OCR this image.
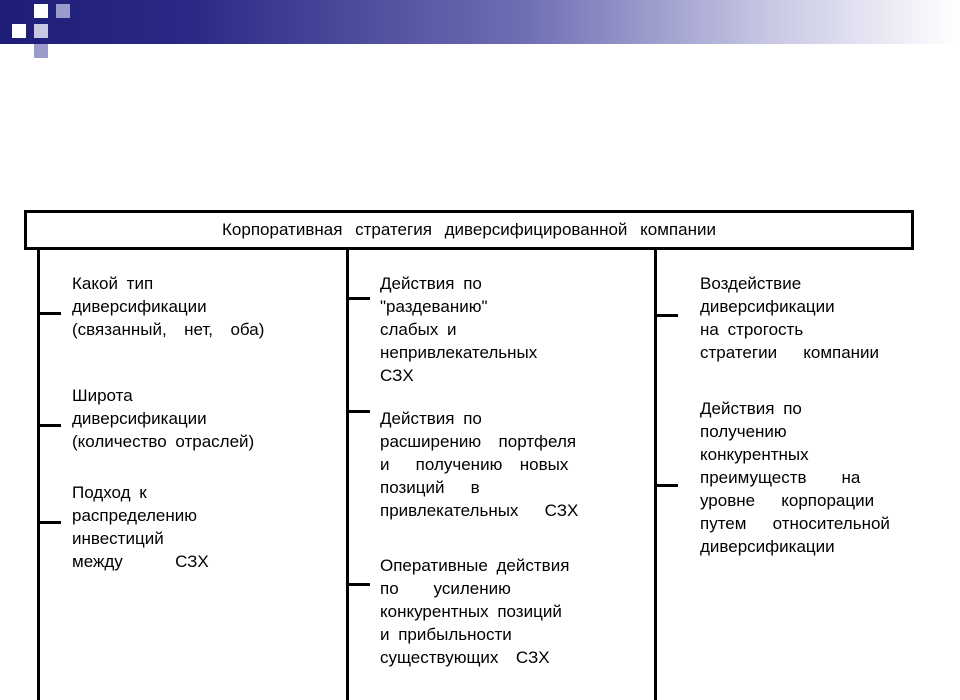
Корпоративная стратегия диверсифицированной компании
Какой тип
диверсификации
(связанный,  нет,  оба)
Широта
диверсификации
(количество отраслей)
Подход к
распределению
инвестиций
между      СЗХ
Действия по
"раздеванию"
слабых и
непривлекательных
СЗХ
Действия по
расширению  портфеля
и   получению  новых
позиций   в
привлекательных   СЗХ
Оперативные действия
по    усилению
конкурентных позиций
и прибыльности
существующих  СЗХ
Воздействие
диверсификации
на строгость
стратегии   компании
Действия по
получению
конкурентных
преимуществ    на
уровне   корпорации
путем   относительной
диверсификации
